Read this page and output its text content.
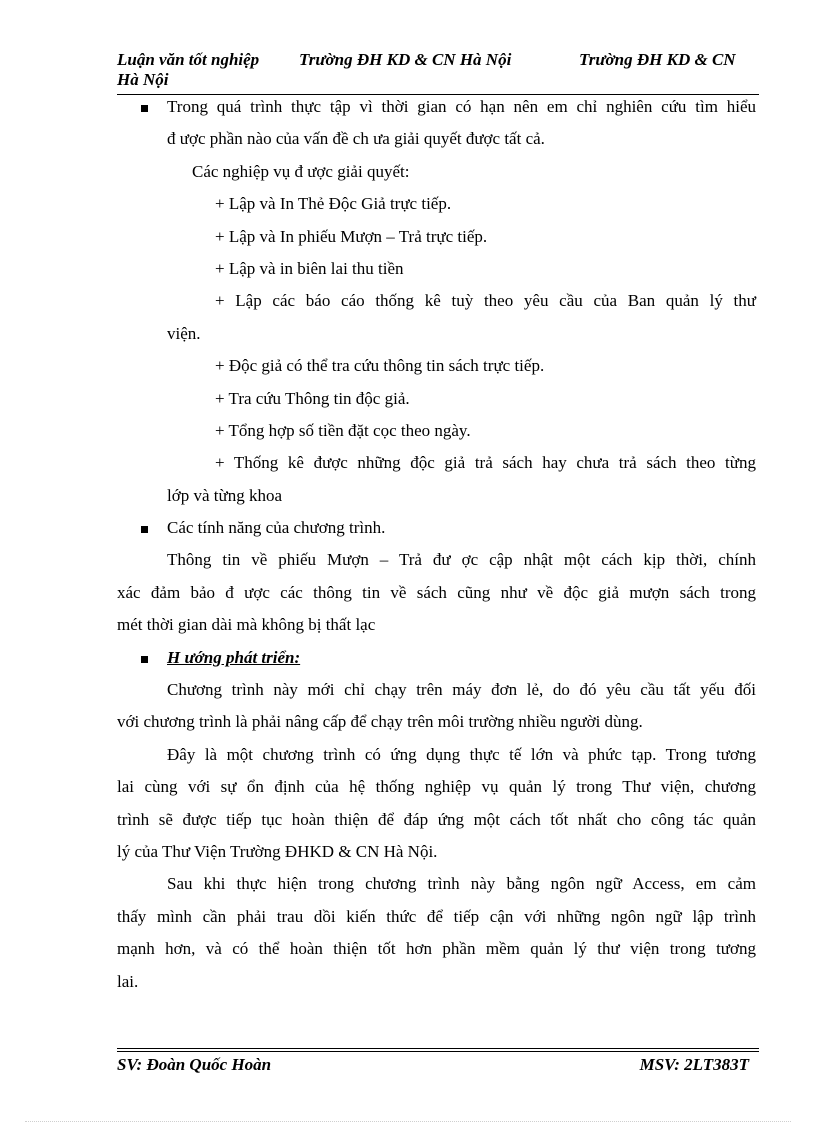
Luận văn tốt nghiệp Trường ĐH KD & CN Hà Nội	Trường ĐH KD & CN
Hà Nội
Trong quá trình thực tập vì thời gian có hạn nên em chỉ nghiên cứu tìm hiểu
đ ược phần nào của vấn đề ch ưa giải quyết được tất cả.
Các nghiệp vụ đ ược giải quyết:
+ Lập và In Thẻ Độc Giả trực tiếp.
+ Lập và In phiếu Mượn – Trả trực tiếp.
+ Lập và in biên lai thu tiền
+ Lập các báo cáo thống kê tuỳ theo yêu cầu của Ban quản lý thư
viện.
+ Độc giả có thể tra cứu thông tin sách trực tiếp.
+ Tra cứu Thông tin độc giả.
+ Tổng hợp số tiền đặt cọc theo ngày.
+ Thống kê được những độc giả trả sách hay chưa trả sách theo từng
lớp và từng khoa
Các tính năng của chương trình.
Thông tin về phiếu Mượn – Trả đư ợc cập nhật một cách kịp thời, chính
xác đảm bảo đ ược các thông tin về sách cũng như về độc giả mượn sách trong
mét thời gian dài mà không bị thất lạc
H ướng phát triển:
Chương trình này mới chỉ chạy trên máy đơn lẻ, do đó yêu cầu tất yếu đối
với chương trình là phải nâng cấp để chạy trên môi trường nhiều người dùng.
Đây là một chương trình có ứng dụng thực tế lớn và phức tạp. Trong tương
lai cùng với sự ổn định của hệ thống nghiệp vụ quản lý trong Thư viện, chương
trình sẽ được tiếp tục hoàn thiện để đáp ứng một cách tốt nhất cho công tác quản
lý của Thư Viện Trường ĐHKD & CN Hà Nội.
Sau khi thực hiện trong chương trình này bằng ngôn ngữ Access, em cảm
thấy mình cần phải trau dồi kiến thức để tiếp cận với những ngôn ngữ lập trình
mạnh hơn, và có thể hoàn thiện tốt hơn phần mềm quản lý thư viện trong tương
lai.
SV: Đoàn Quốc Hoàn	MSV: 2LT383T
